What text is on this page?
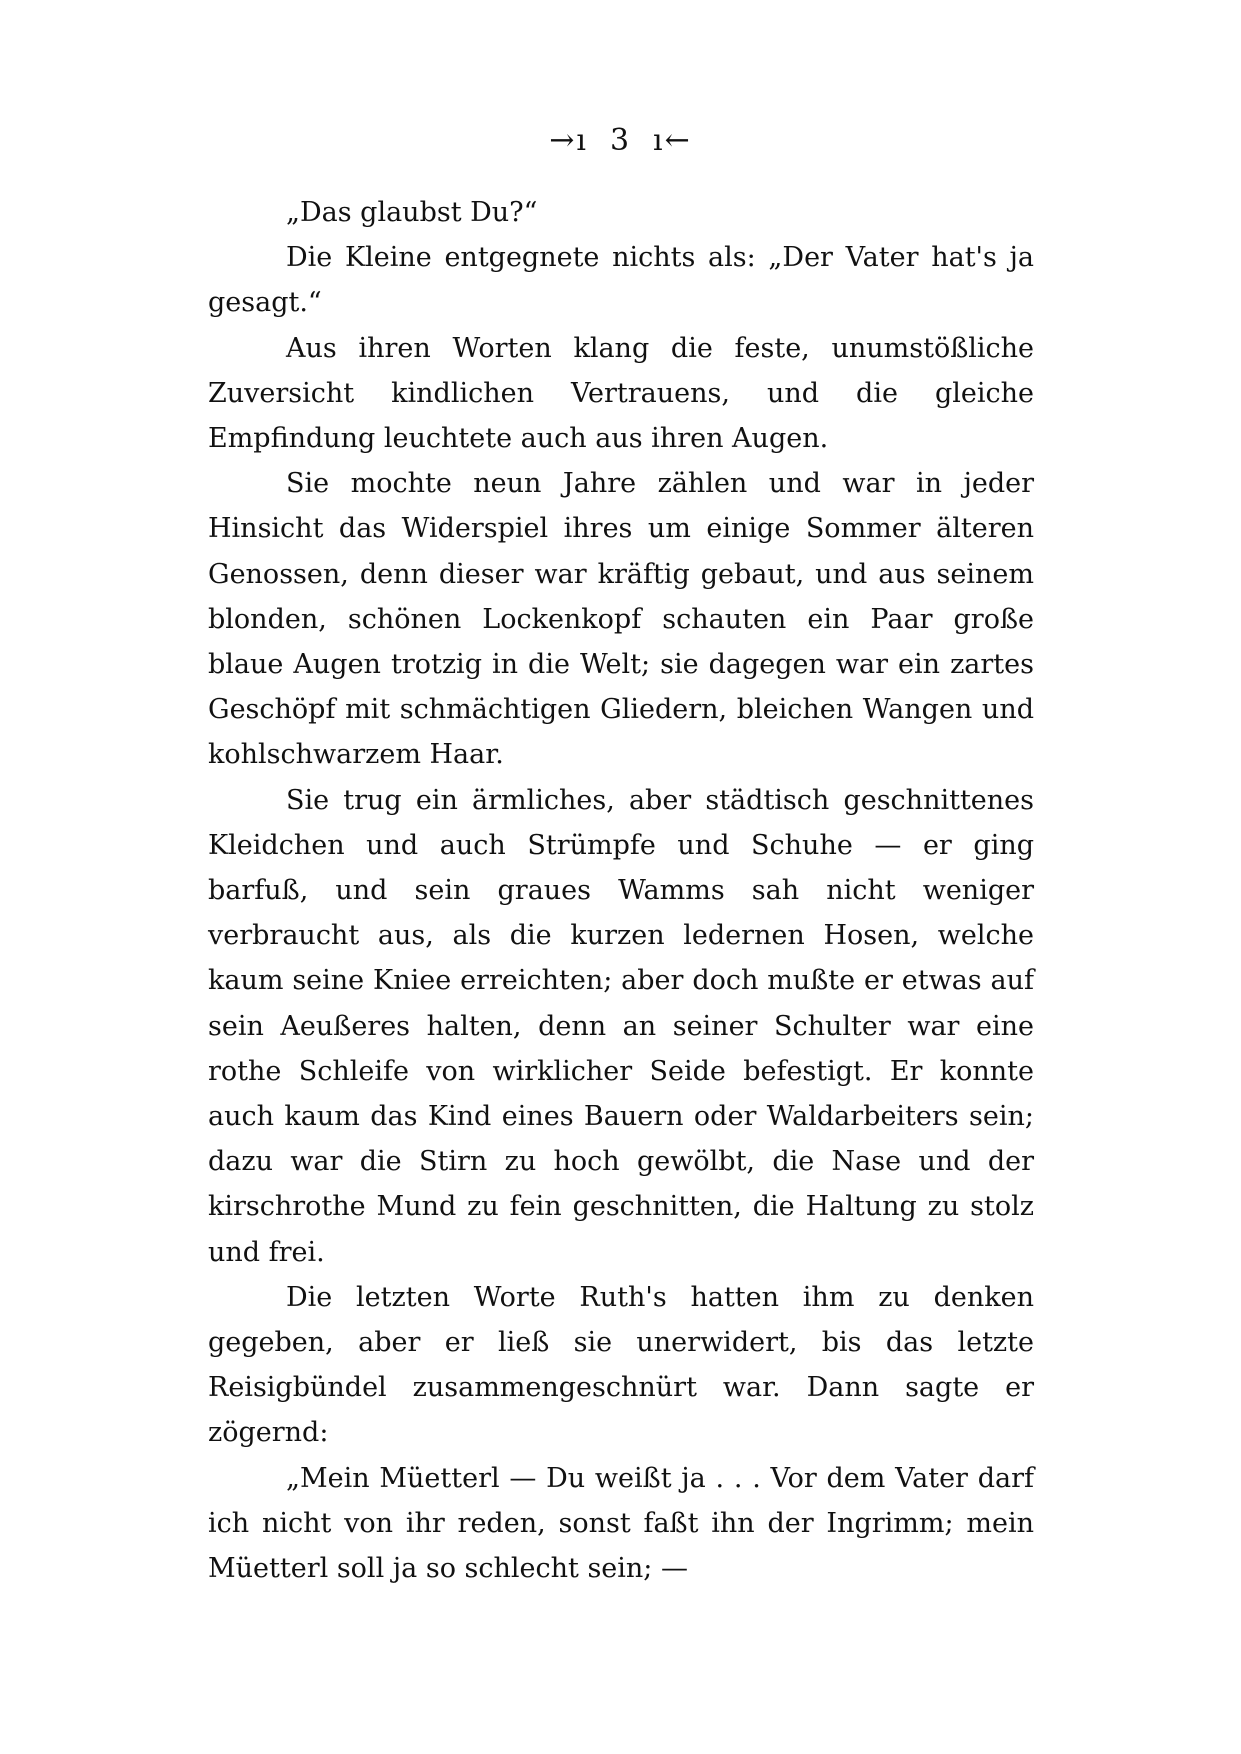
→ı 3 ı←

„Das glaubst Du?“

Die Kleine entgegnete nichts als: „Der Vater hat's ja gesagt.“

Aus ihren Worten klang die feste, unumstößliche Zuversicht kindlichen Vertrauens, und die gleiche Empfindung leuchtete auch aus ihren Augen.

Sie mochte neun Jahre zählen und war in jeder Hinsicht das Widerspiel ihres um einige Sommer älteren Genossen, denn dieser war kräftig gebaut, und aus seinem blonden, schönen Lockenkopf schauten ein Paar große blaue Augen trotzig in die Welt; sie dagegen war ein zartes Geschöpf mit schmächtigen Gliedern, bleichen Wangen und kohlschwarzem Haar.

Sie trug ein ärmliches, aber städtisch geschnittenes Kleidchen und auch Strümpfe und Schuhe — er ging barfuß, und sein graues Wamms sah nicht weniger verbraucht aus, als die kurzen ledernen Hosen, welche kaum seine Kniee erreichten; aber doch mußte er etwas auf sein Aeußeres halten, denn an seiner Schulter war eine rothe Schleife von wirklicher Seide befestigt. Er konnte auch kaum das Kind eines Bauern oder Waldarbeiters sein; dazu war die Stirn zu hoch gewölbt, die Nase und der kirschrothe Mund zu fein geschnitten, die Haltung zu stolz und frei.

Die letzten Worte Ruth's hatten ihm zu denken gegeben, aber er ließ sie unerwidert, bis das letzte Reisigbündel zusammengeschnürt war. Dann sagte er zögernd:

„Mein Müetterl — Du weißt ja . . . Vor dem Vater darf ich nicht von ihr reden, sonst faßt ihn der Ingrimm; mein Müetterl soll ja so schlecht sein; —
